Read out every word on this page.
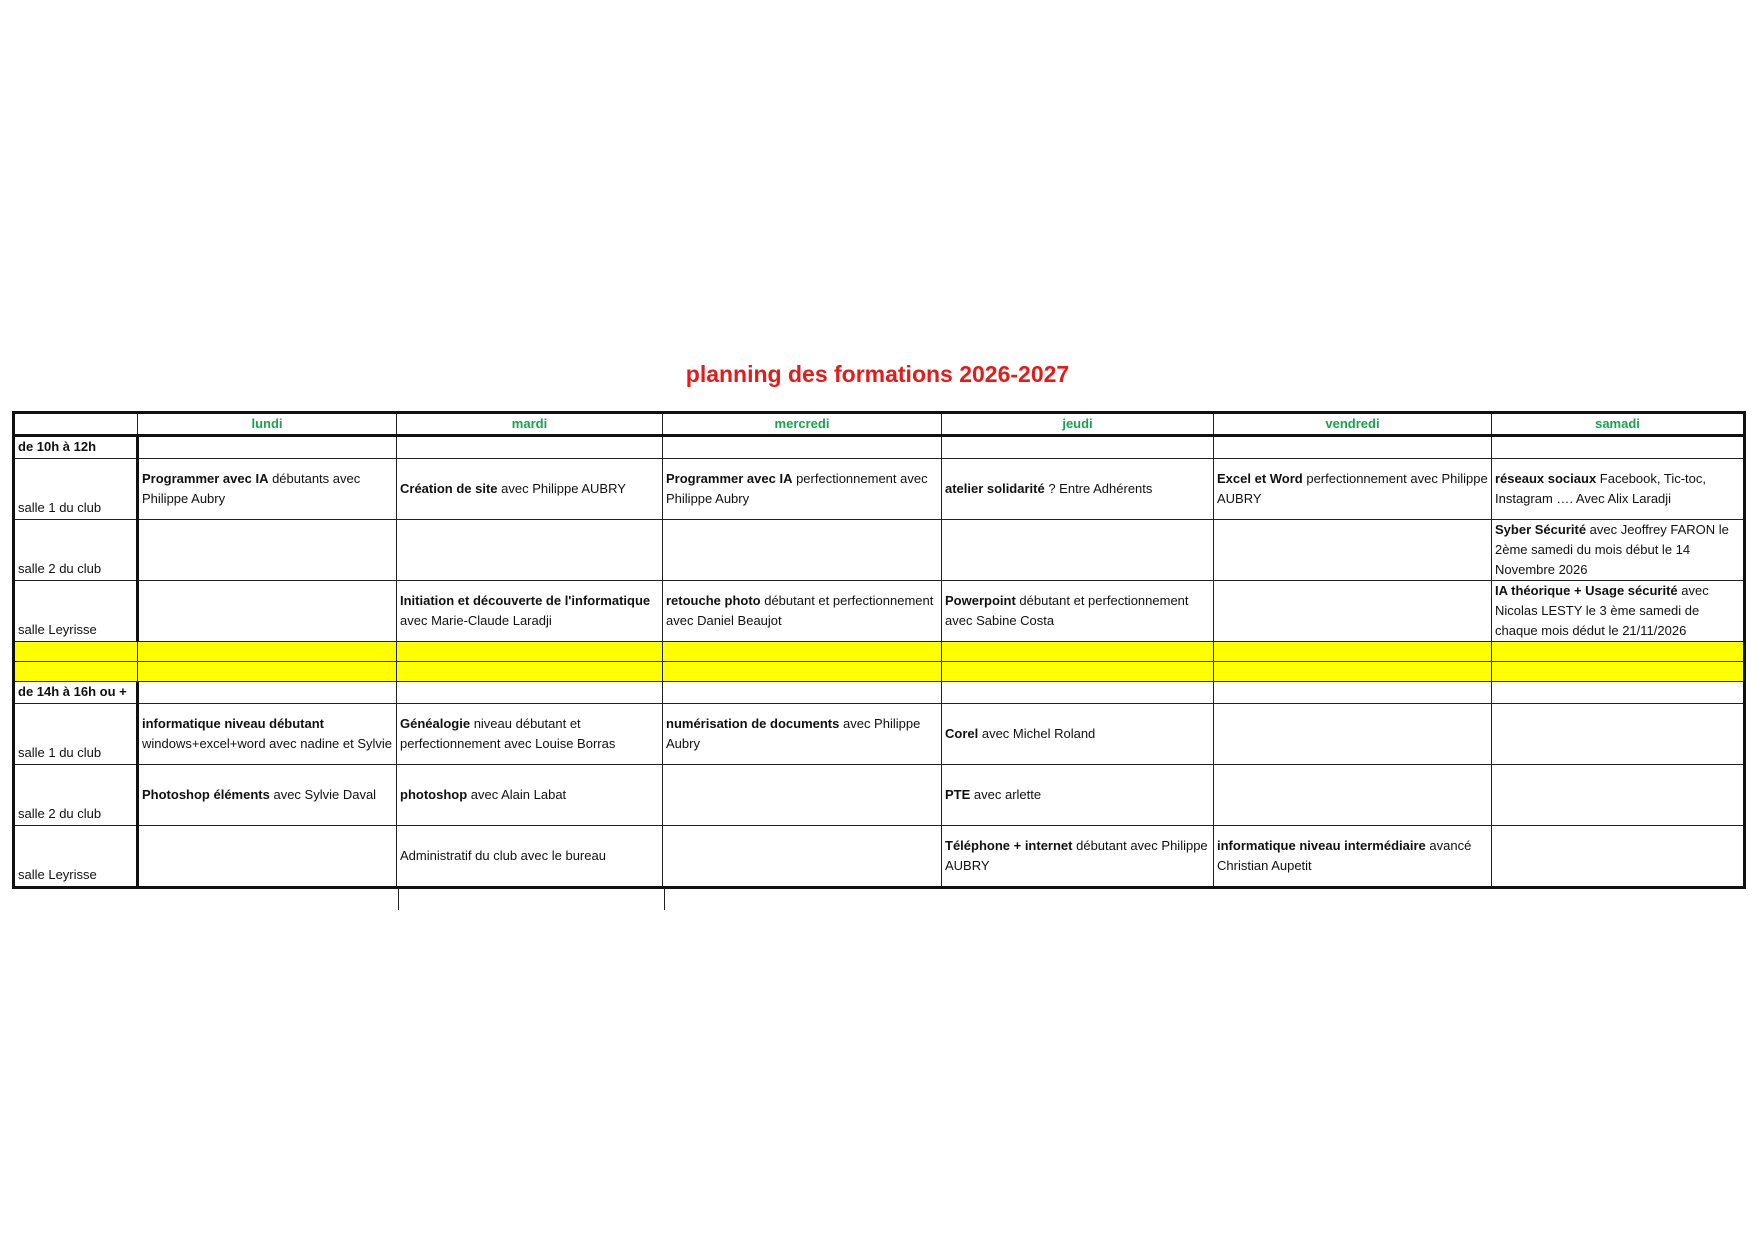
planning des formations 2026-2027
	lundi	mardi	mercredi	jeudi	vendredi	samadi
de 10h à 12h						
salle 1 du club	Programmer avec IA débutants avec Philippe Aubry	Création de site avec Philippe AUBRY	Programmer avec IA perfectionnement avec Philippe Aubry	atelier solidarité ? Entre Adhérents	Excel et Word perfectionnement avec Philippe AUBRY	réseaux sociaux Facebook, Tic-toc, Instagram …. Avec Alix Laradji
salle 2 du club						Syber Sécurité avec Jeoffrey FARON le 2ème samedi du mois début le 14 Novembre 2026
salle Leyrisse		Initiation et découverte de l'informatique avec Marie-Claude Laradji	retouche photo débutant et perfectionnement avec Daniel Beaujot	Powerpoint débutant et perfectionnement avec Sabine Costa		IA théorique + Usage sécurité avec Nicolas LESTY le 3 ème samedi de chaque mois dédut le 21/11/2026

de 14h à 16h ou +						
salle 1 du club	informatique niveau débutant windows+excel+word avec nadine et Sylvie	Généalogie niveau débutant et perfectionnement avec Louise Borras	numérisation de documents avec Philippe Aubry	Corel avec Michel Roland		
salle 2 du club	Photoshop éléments avec Sylvie Daval	photoshop avec Alain Labat		PTE avec arlette		
salle Leyrisse		Administratif du club avec le bureau		Téléphone + internet débutant avec Philippe AUBRY	informatique niveau intermédiaire avancé Christian Aupetit	
